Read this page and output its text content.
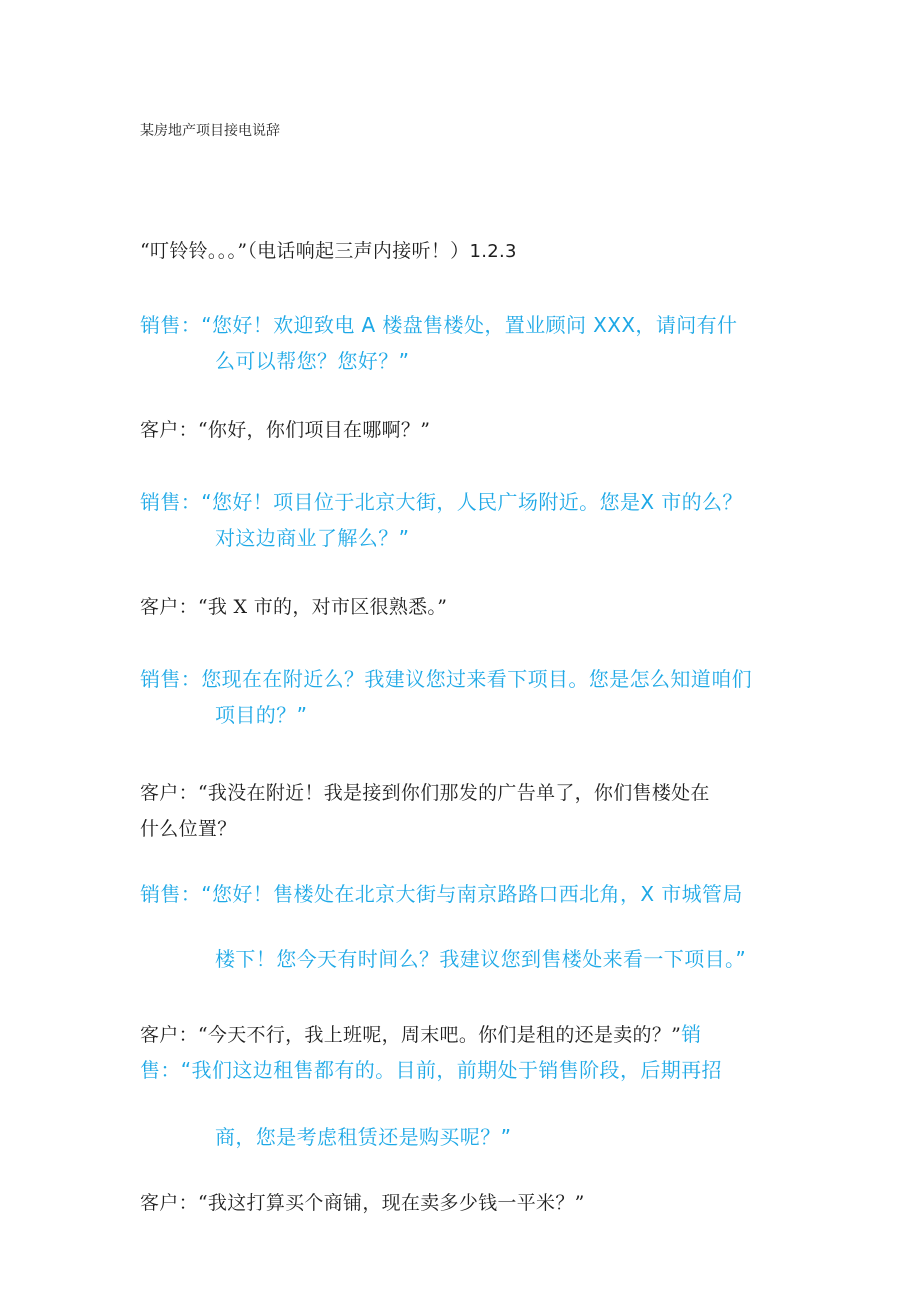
某房地产项目接电说辞
“叮铃铃。。。”（电话响起三声内接听！）1.2.3
销售：“您好！欢迎致电 A 楼盘售楼处，置业顾问 XXX，请问有什
么可以帮您？您好？”
客户：“你好，你们项目在哪啊？”
销售：“您好！项目位于北京大街，人民广场附近。您是X 市的么？
对这边商业了解么？”
客户：“我 X 市的，对市区很熟悉。”
销售：您现在在附近么？我建议您过来看下项目。您是怎么知道咱们
项目的？”
客户：“我没在附近！我是接到你们那发的广告单了，你们售楼处在
什么位置？
销售：“您好！售楼处在北京大街与南京路路口西北角，X 市城管局
楼下！您今天有时间么？我建议您到售楼处来看一下项目。”
客户：“今天不行，我上班呢，周末吧。你们是租的还是卖的？”销
售：“我们这边租售都有的。目前，前期处于销售阶段，后期再招
商，您是考虑租赁还是购买呢？”
客户：“我这打算买个商铺，现在卖多少钱一平米？”
